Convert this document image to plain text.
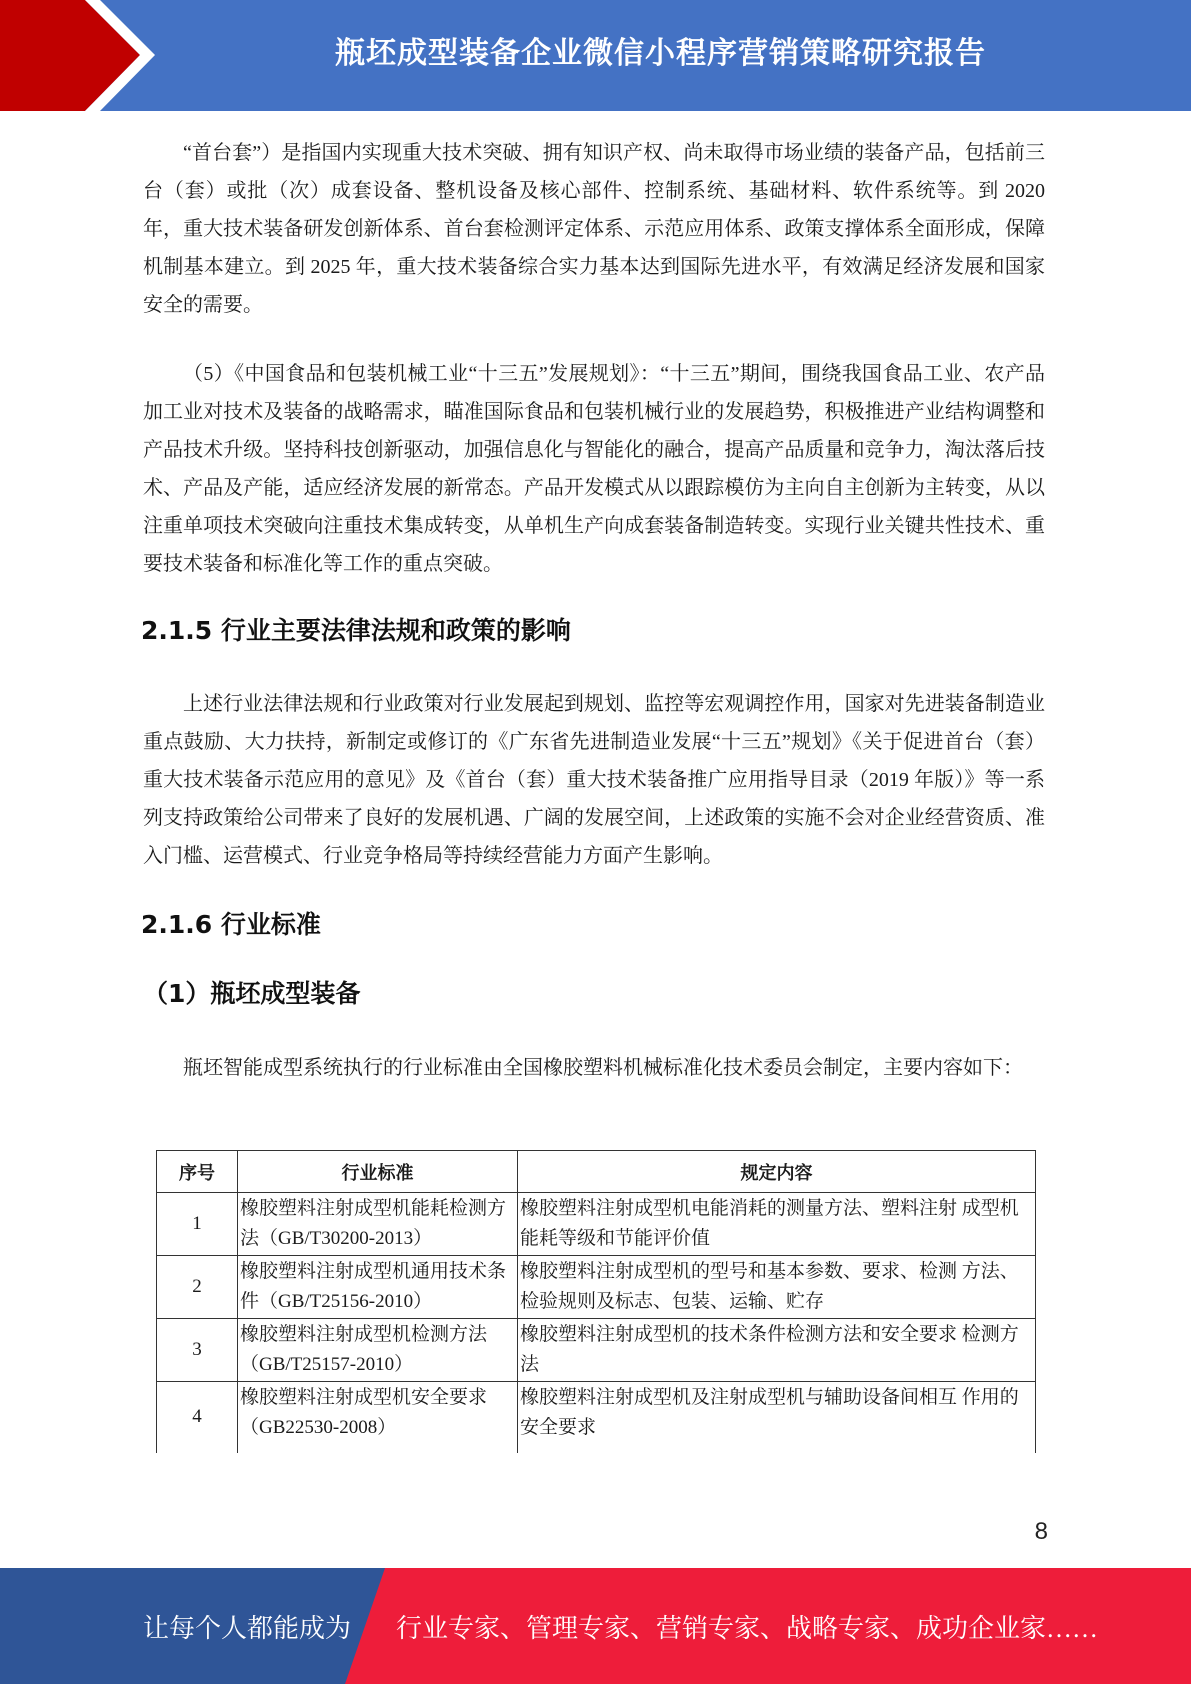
瓶坯成型装备企业微信小程序营销策略研究报告

“首台套”）是指国内实现重大技术突破、拥有知识产权、尚未取得市场业绩的装备产品，包括前三台（套）或批（次）成套设备、整机设备及核心部件、控制系统、基础材料、软件系统等。到 2020 年，重大技术装备研发创新体系、首台套检测评定体系、示范应用体系、政策支撑体系全面形成，保障机制基本建立。到 2025 年，重大技术装备综合实力基本达到国际先进水平，有效满足经济发展和国家安全的需要。

（5）《中国食品和包装机械工业“十三五”发展规划》：“十三五”期间，围绕我国食品工业、农产品加工业对技术及装备的战略需求，瞄准国际食品和包装机械行业的发展趋势，积极推进产业结构调整和产品技术升级。坚持科技创新驱动，加强信息化与智能化的融合，提高产品质量和竞争力，淘汰落后技术、产品及产能，适应经济发展的新常态。产品开发模式从以跟踪模仿为主向自主创新为主转变，从以注重单项技术突破向注重技术集成转变，从单机生产向成套装备制造转变。实现行业关键共性技术、重要技术装备和标准化等工作的重点突破。

2.1.5 行业主要法律法规和政策的影响

上述行业法律法规和行业政策对行业发展起到规划、监控等宏观调控作用，国家对先进装备制造业重点鼓励、大力扶持，新制定或修订的《广东省先进制造业发展“十三五”规划》《关于促进首台（套）重大技术装备示范应用的意见》及《首台（套）重大技术装备推广应用指导目录（2019 年版）》等一系列支持政策给公司带来了良好的发展机遇、广阔的发展空间，上述政策的实施不会对企业经营资质、准入门槛、运营模式、行业竞争格局等持续经营能力方面产生影响。

2.1.6 行业标准
（1）瓶坯成型装备

瓶坯智能成型系统执行的行业标准由全国橡胶塑料机械标准化技术委员会制定，主要内容如下：

序号	行业标准	规定内容
1	橡胶塑料注射成型机能耗检测方法（GB/T30200-2013）	橡胶塑料注射成型机电能消耗的测量方法、塑料注射 成型机能耗等级和节能评价值
2	橡胶塑料注射成型机通用技术条件（GB/T25156-2010）	橡胶塑料注射成型机的型号和基本参数、要求、检测 方法、检验规则及标志、包装、运输、贮存
3	橡胶塑料注射成型机检测方法（GB/T25157-2010）	橡胶塑料注射成型机的技术条件检测方法和安全要求 检测方法
4	橡胶塑料注射成型机安全要求（GB22530-2008）	橡胶塑料注射成型机及注射成型机与辅助设备间相互 作用的安全要求
8
让每个人都能成为 行业专家、管理专家、营销专家、战略专家、成功企业家……
